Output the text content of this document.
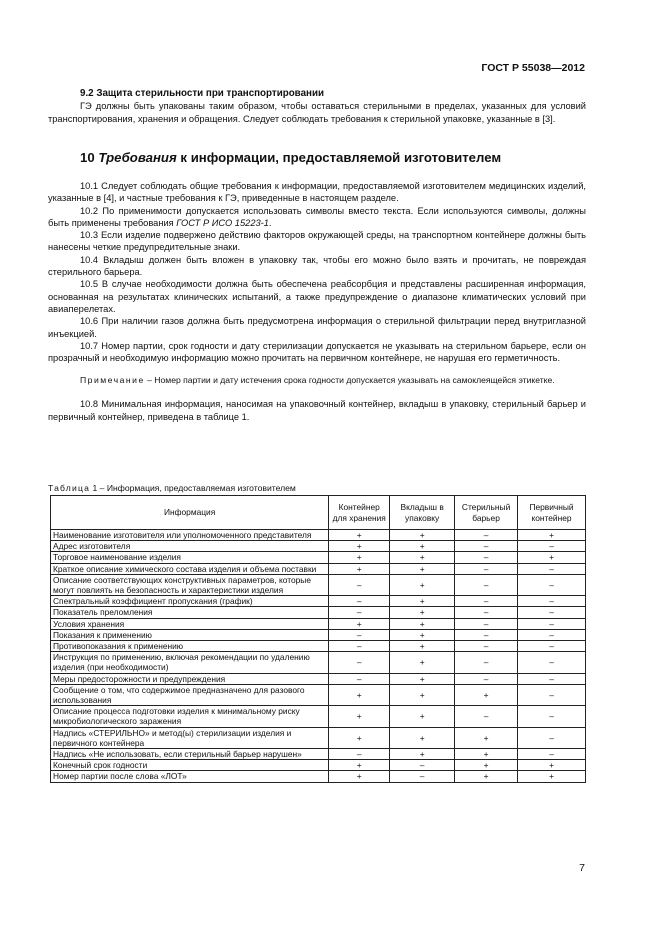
ГОСТ Р 55038—2012

9.2 Защита стерильности при транспортировании

ГЭ должны быть упакованы таким образом, чтобы оставаться стерильными в пределах, указанных для условий транспортирования, хранения и обращения. Следует соблюдать требования к стерильной упаковке, указанные в [3].

10 Требования к информации, предоставляемой изготовителем

10.1 Следует соблюдать общие требования к информации, предоставляемой изготовителем медицинских изделий, указанные в [4], и частные требования к ГЭ, приведенные в настоящем разделе.

10.2 По применимости допускается использовать символы вместо текста. Если используются символы, должны быть применены требования ГОСТ Р ИСО 15223-1.

10.3 Если изделие подвержено действию факторов окружающей среды, на транспортном контейнере должны быть нанесены четкие предупредительные знаки.

10.4 Вкладыш должен быть вложен в упаковку так, чтобы его можно было взять и прочитать, не повреждая стерильного барьера.

10.5 В случае необходимости должна быть обеспечена реабсорбция и представлены расширенная информация, основанная на результатах клинических испытаний, а также предупреждение о диапазоне климатических условий при авиаперелетах.

10.6 При наличии газов должна быть предусмотрена информация о стерильной фильтрации перед внутриглазной инъекцией.

10.7 Номер партии, срок годности и дату стерилизации допускается не указывать на стерильном барьере, если он прозрачный и необходимую информацию можно прочитать на первичном контейнере, не нарушая его герметичность.

Примечание – Номер партии и дату истечения срока годности допускается указывать на самоклеящейся этикетке.

10.8 Минимальная информация, наносимая на упаковочный контейнер, вкладыш в упаковку, стерильный барьер и первичный контейнер, приведена в таблице 1.

Таблица 1 – Информация, предоставляемая изготовителем
Информация	Контейнер для хранения	Вкладыш в упаковку	Стерильный барьер	Первичный контейнер
Наименование изготовителя или уполномоченного представителя	+	+	–	+
Адрес изготовителя	+	+	–	–
Торговое наименование изделия	+	+	–	+
Краткое описание химического состава изделия и объема поставки	+	+	–	–
Описание соответствующих конструктивных параметров, которые могут повлиять на безопасность и характеристики изделия	–	+	–	–
Спектральный коэффициент пропускания (график)	–	+	–	–
Показатель преломления	–	+	–	–
Условия хранения	+	+	–	–
Показания к применению	–	+	–	–
Противопоказания к применению	–	+	–	–
Инструкция по применению, включая рекомендации по удалению изделия (при необходимости)	–	+	–	–
Меры предосторожности и предупреждения	–	+	–	–
Сообщение о том, что содержимое предназначено для разового использования	+	+	+	–
Описание процесса подготовки изделия к минимальному риску микробиологического заражения	+	+	–	–
Надпись «СТЕРИЛЬНО» и метод(ы) стерилизации изделия и первичного контейнера	+	+	+	–
Надпись «Не использовать, если стерильный барьер нарушен»	–	+	+	–
Конечный срок годности	+	–	+	+
Номер партии после слова «ЛОТ»	+	–	+	+
7
